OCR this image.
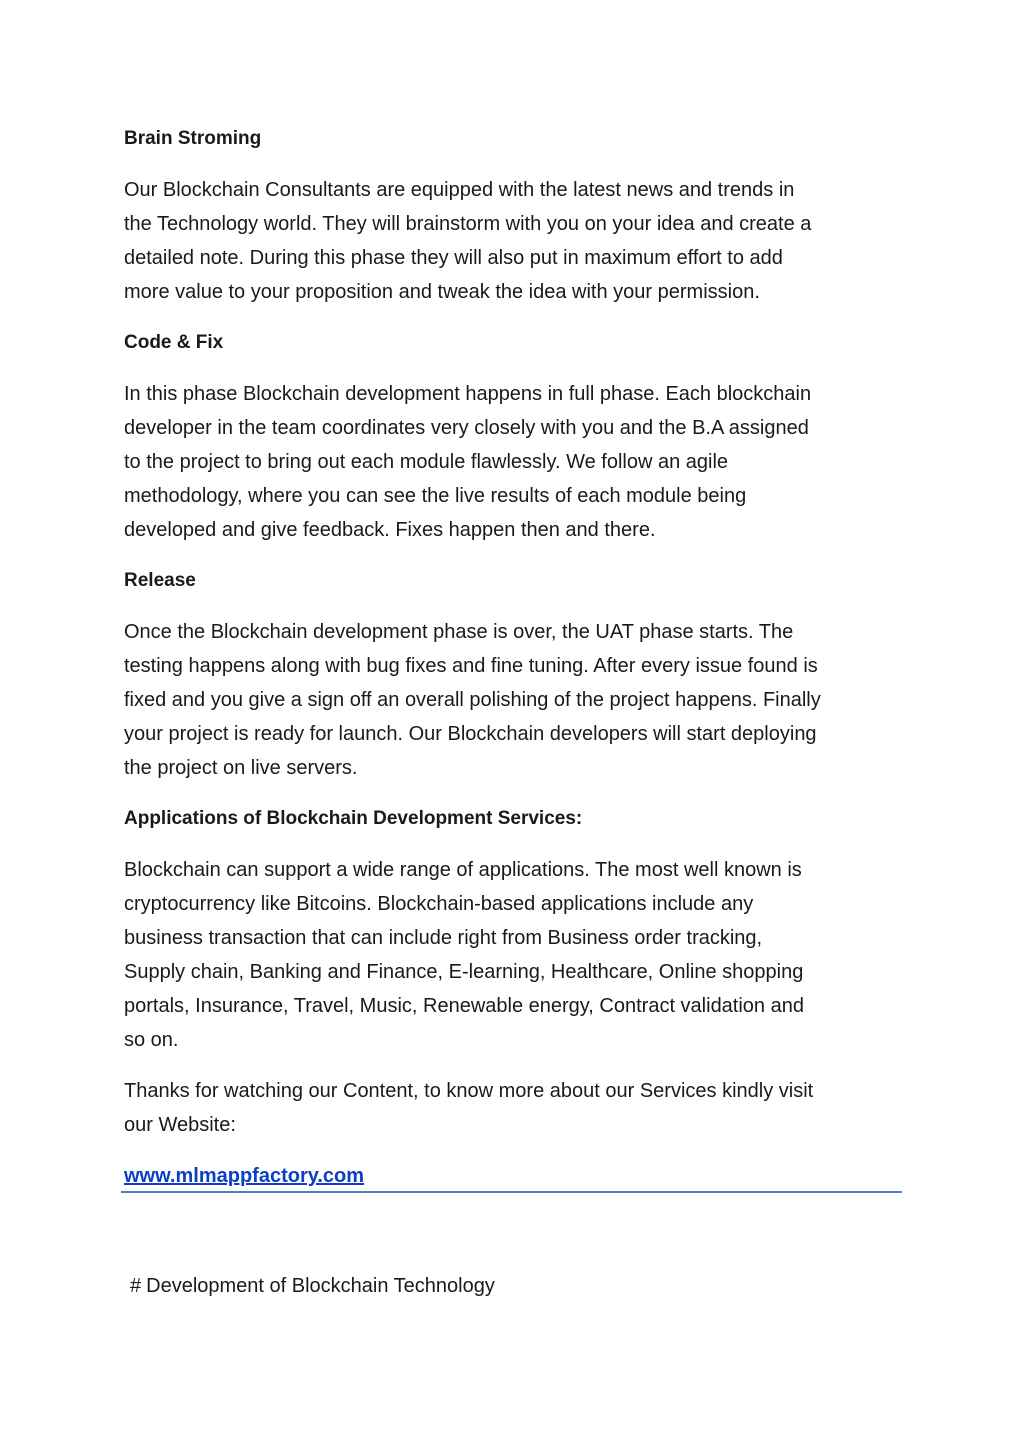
Brain Stroming
Our Blockchain Consultants are equipped with the latest news and trends in
the Technology world. They will brainstorm with you on your idea and create a
detailed note. During this phase they will also put in maximum effort to add
more value to your proposition and tweak the idea with your permission.
Code & Fix
In this phase Blockchain development happens in full phase. Each blockchain
developer in the team coordinates very closely with you and the B.A assigned
to the project to bring out each module flawlessly. We follow an agile
methodology, where you can see the live results of each module being
developed and give feedback. Fixes happen then and there.
Release
Once the Blockchain development phase is over, the UAT phase starts. The
testing happens along with bug fixes and fine tuning. After every issue found is
fixed and you give a sign off an overall polishing of the project happens. Finally
your project is ready for launch. Our Blockchain developers will start deploying
the project on live servers.
Applications of Blockchain Development Services:
Blockchain can support a wide range of applications. The most well known is
cryptocurrency like Bitcoins. Blockchain-based applications include any
business transaction that can include right from Business order tracking,
Supply chain, Banking and Finance, E-learning, Healthcare, Online shopping
portals, Insurance, Travel, Music, Renewable energy, Contract validation and
so on.
Thanks for watching our Content, to know more about our Services kindly visit
our Website:
www.mlmappfactory.com
# Development of Blockchain Technology
